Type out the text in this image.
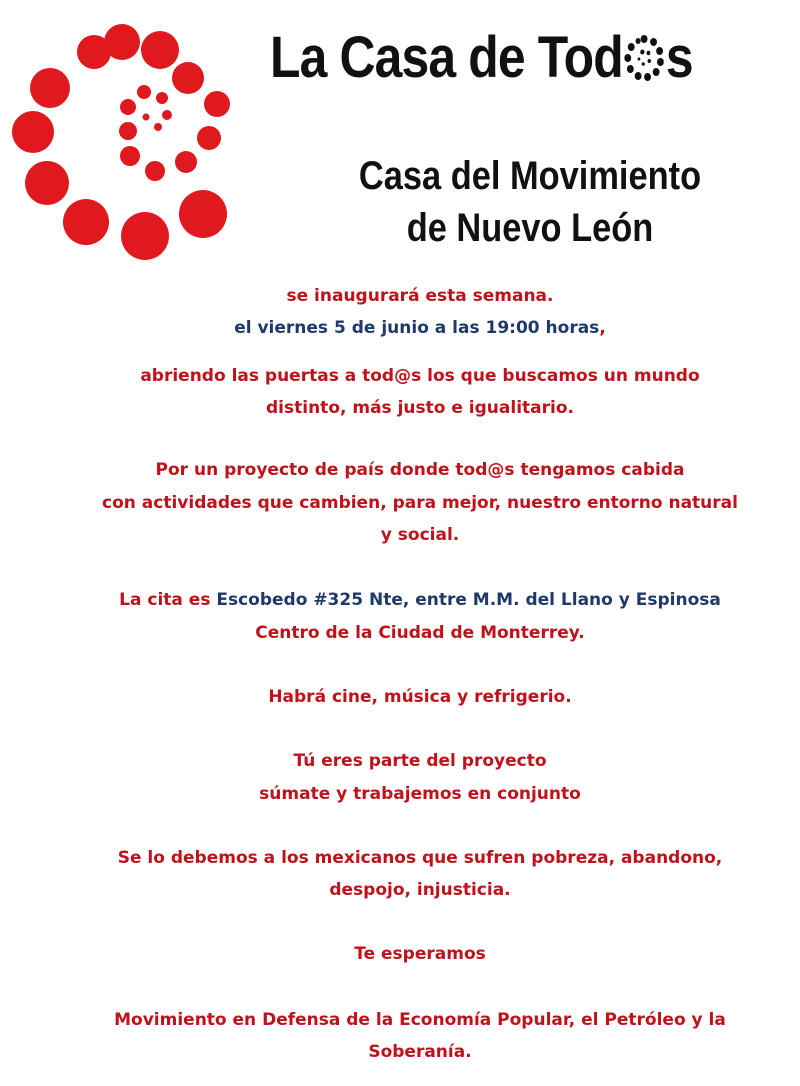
La Casa de Tod s
Casa del Movimiento
de Nuevo León
se inaugurará esta semana.
el viernes 5 de junio a las 19:00 horas,
abriendo las puertas a tod@s los que buscamos un mundo
distinto, más justo e igualitario.
Por un proyecto de país donde tod@s tengamos cabida
con actividades que cambien, para mejor, nuestro entorno natural
y social.
La cita es Escobedo #325 Nte, entre M.M. del Llano y Espinosa
Centro de la Ciudad de Monterrey.
Habrá cine, música y refrigerio.
Tú eres parte del proyecto
súmate y trabajemos en conjunto
Se lo debemos a los mexicanos que sufren pobreza, abandono,
despojo, injusticia.
Te esperamos
Movimiento en Defensa de la Economía Popular, el Petróleo y la
Soberanía.
